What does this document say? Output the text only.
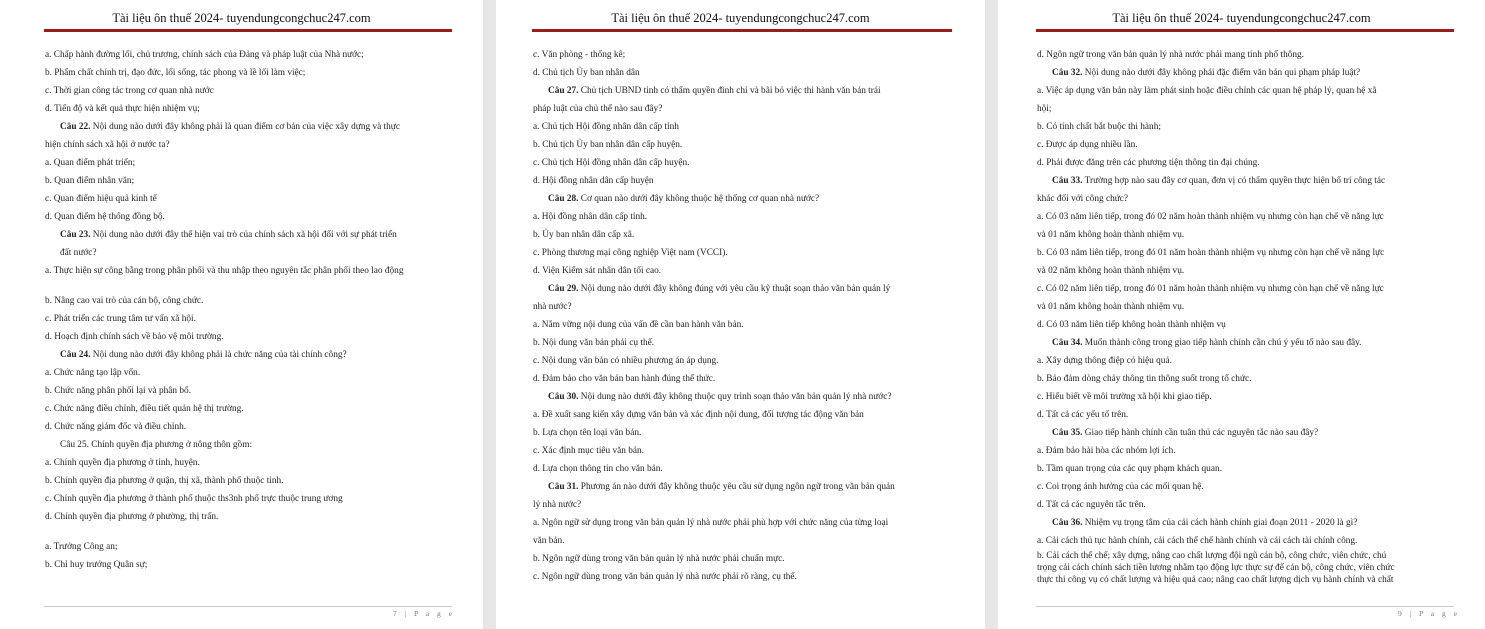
Tài liệu ôn thuế 2024- tuyendungcongchuc247.com
a. Chấp hành đường lối, chủ trương, chính sách của Đảng và pháp luật của Nhà nước;
b. Phẩm chất chính trị, đạo đức, lối sống, tác phong và lề lối làm việc;
c. Thời gian công tác trong cơ quan nhà nước
d. Tiến độ và kết quả thực hiện nhiệm vụ;
Câu 22. Nội dung nào dưới đây không phải là quan điểm cơ bản của việc xây dựng và thực
hiện chính sách xã hội ở nước ta?
a. Quan điểm phát triển;
b. Quan điểm nhân văn;
c. Quan điểm hiệu quả kinh tế
d. Quan điểm hệ thống đồng bộ.
Câu 23. Nội dung nào dưới đây thể hiện vai trò của chính sách xã hội đối với sự phát triển
đất nước?
a. Thực hiện sự công bằng trong phân phối và thu nhập theo nguyên tắc phân phối theo lao động
b. Nâng cao vai trò của cán bộ, công chức.
c. Phát triển các trung tâm tư vấn xã hội.
d. Hoạch định chính sách về bảo vệ môi trường.
Câu 24. Nội dung nào dưới đây không phải là chức năng của tài chính công?
a. Chức năng tạo lập vốn.
b. Chức năng phân phối lại và phân bổ.
c. Chức năng điều chỉnh, điều tiết quản hệ thị trường.
d. Chức năng giám đốc và điều chỉnh.
Câu 25. Chính quyền địa phương ở nông thôn gồm:
a. Chính quyền địa phương ở tỉnh, huyện.
b. Chính quyền địa phương ở quận, thị xã, thành phố thuộc tỉnh.
c. Chính quyền địa phương ở thành phố thuộc ths3nh phố trực thuộc trung ương
d. Chính quyền địa phương ở phường, thị trấn.
a. Trưởng Công an;
b. Chỉ huy trưởng Quân sự;
7 | P a g e
Tài liệu ôn thuế 2024- tuyendungcongchuc247.com
c. Văn phòng - thống kê;
d. Chủ tịch Ủy ban nhân dân
Câu 27. Chủ tịch UBND tỉnh có thẩm quyền đình chỉ và bãi bỏ việc thi hành văn bản trái
pháp luật của chủ thể nào sau đây?
a. Chủ tịch Hội đồng nhân dân cấp tỉnh
b. Chủ tịch Ủy ban nhân dân cấp huyện.
c. Chủ tịch Hội đồng nhân dân cấp huyện.
d. Hội đồng nhân dân cấp huyện
Câu 28. Cơ quan nào dưới đây không thuộc hệ thống cơ quan nhà nước?
a. Hội đồng nhân dân cấp tỉnh.
b. Ủy ban nhân dân cấp xã.
c. Phòng thương mại công nghiệp Việt nam (VCCI).
d. Viện Kiểm sát nhân dân tối cao.
Câu 29. Nội dung nào dưới đây không đúng với yêu cầu kỹ thuật soạn thảo văn bản quản lý
nhà nước?
a. Nắm vững nội dung của vấn đề cần ban hành văn bản.
b. Nội dung văn bản phải cụ thể.
c. Nội dung văn bản có nhiều phương án áp dụng.
d. Đảm bảo cho văn bản ban hành đúng thể thức.
Câu 30. Nội dung nào dưới đây không thuộc quy trình soạn thảo văn bản quản lý nhà nước?
a. Đề xuất sang kiến xây dựng văn bản và xác định nội dung, đối tượng tác động văn bản
b. Lựa chọn tên loại văn bản.
c. Xác định mục tiêu văn bản.
d. Lựa chọn thông tin cho văn bản.
Câu 31. Phương án nào dưới đây không thuộc yêu cầu sử dụng ngôn ngữ trong văn bản quản
lý nhà nước?
a. Ngôn ngữ sử dụng trong văn bản quản lý nhà nước phải phù hợp với chức năng của từng loại
văn bản.
b. Ngôn ngữ dùng trong văn bản quản lý nhà nước phải chuẩn mực.
c. Ngôn ngữ dùng trong văn bản quản lý nhà nước phải rõ ràng, cụ thể.
Tài liệu ôn thuế 2024- tuyendungcongchuc247.com
d. Ngôn ngữ trong văn bản quản lý nhà nước phải mang tính phổ thông.
Câu 32. Nội dung nào dưới đây không phải đặc điểm văn bản qui phạm pháp luật?
a. Việc áp dụng văn bản này làm phát sinh hoặc điều chỉnh các quan hệ pháp lý, quan hệ xã
hội;
b. Có tính chất bắt buộc thi hành;
c. Được áp dụng nhiều lần.
d. Phải được đăng trên các phương tiện thông tin đại chúng.
Câu 33. Trường hợp nào sau đây cơ quan, đơn vị có thẩm quyền thực hiện bố trí công tác
khác đối với công chức?
a. Có 03 năm liên tiếp, trong đó 02 năm hoàn thành nhiệm vụ nhưng còn hạn chế về năng lực
và 01 năm không hoàn thành nhiệm vụ.
b. Có 03 năm liên tiếp, trong đó 01 năm hoàn thành nhiệm vụ nhưng còn hạn chế về năng lực
và 02 năm không hoàn thành nhiệm vụ.
c. Có 02 năm liên tiếp, trong đó 01 năm hoàn thành nhiệm vụ nhưng còn hạn chế về năng lực
và 01 năm không hoàn thành nhiệm vụ.
d. Có 03 năm liên tiếp không hoàn thành nhiệm vụ
Câu 34. Muốn thành công trong giao tiếp hành chính cần chú ý yếu tố nào sau đây.
a. Xây dựng thông điệp có hiệu quả.
b. Bảo đảm dòng chảy thông tin thông suốt trong tổ chức.
c. Hiểu biết về môi trường xã hội khi giao tiếp.
d. Tất cả các yếu tố trên.
Câu 35. Giao tiếp hành chính cần tuân thủ các nguyên tắc nào sau đây?
a. Đảm bảo hài hòa các nhóm lợi ích.
b. Tầm quan trọng của các quy phạm khách quan.
c. Coi trọng ảnh hưởng của các mối quan hệ.
d. Tất cả các nguyên tắc trên.
Câu 36. Nhiệm vụ trọng tâm của cải cách hành chính giai đoạn 2011 - 2020 là gì?
a. Cải cách thủ tục hành chính, cải cách thể chế hành chính và cải cách tài chính công.
b. Cải cách thể chế; xây dựng, nâng cao chất lượng đội ngũ cán bộ, công chức, viên chức, chú
trọng cải cách chính sách tiền lương nhằm tạo động lực thực sự để cán bộ, công chức, viên chức
thực thi công vụ có chất lượng và hiệu quả cao; nâng cao chất lượng dịch vụ hành chính và chất
9 | P a g e
